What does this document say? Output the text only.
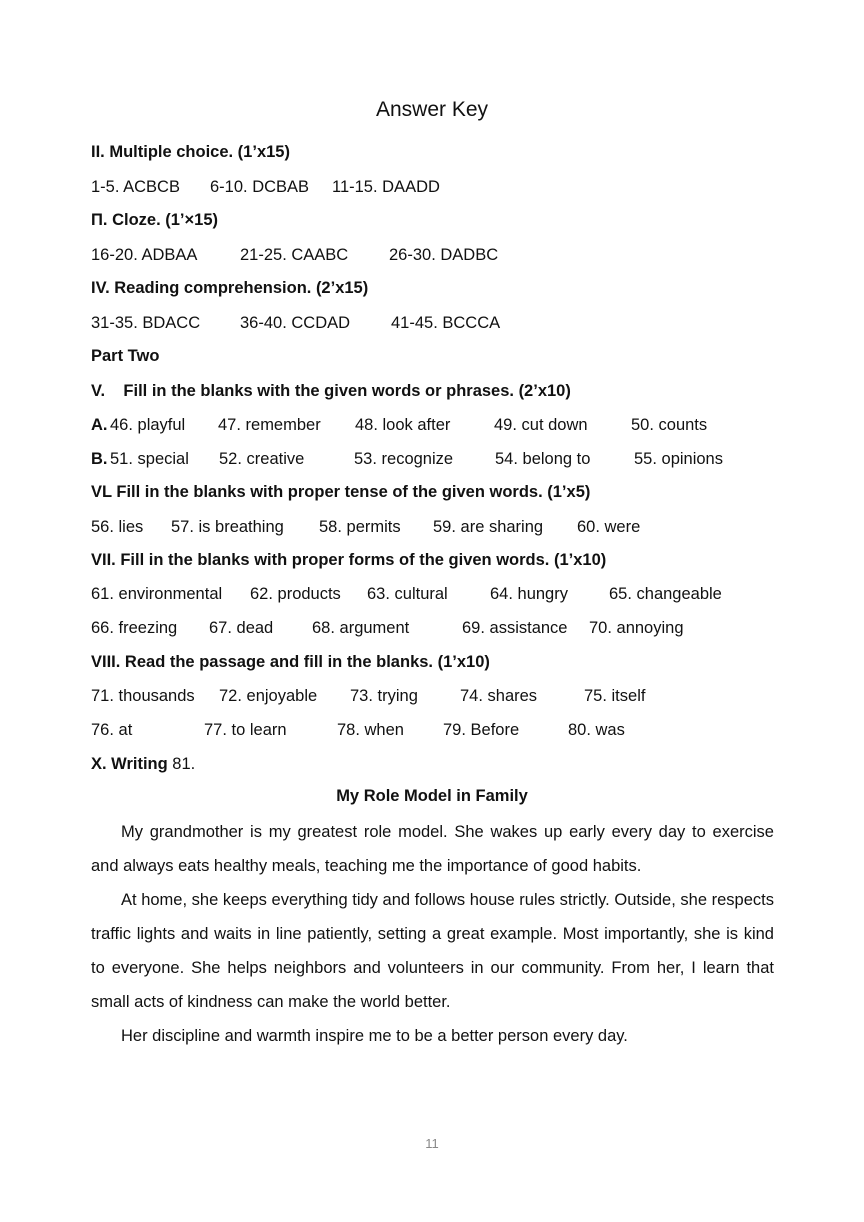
Answer Key
II. Multiple choice. (1’x15)
1-5. ACBCB 6-10. DCBAB 11-15. DAADD
Π. Cloze. (1’×15)
16-20. ADBAA	21-25. CAABC 26-30. DADBC
IV. Reading comprehension. (2’x15)
31-35. BDACC 36-40. CCDAD 41-45. BCCCA
Part Two
V.    Fill in the blanks with the given words or phrases. (2’x10)
A. 46. playful 47. remember 48. look after	49. cut down	50. counts
B. 51. special 52. creative	53. recognize	54. belong to	55. opinions
VL Fill in the blanks with proper tense of the given words. (1’x5)
56. lies 57. is breathing 58. permits 59. are sharing 60. were
VII. Fill in the blanks with proper forms of the given words. (1’x10)
61. environmental 62. products 63. cultural	64. hungry 65. changeable
66. freezing 67. dead 68. argument	69. assistance 70. annoying
VIII. Read the passage and fill in the blanks. (1’x10)
71. thousands 72. enjoyable 73. trying	74. shares	75. itself
76. at	77. to learn	78. when 79. Before	80. was
X. Writing 81.
My Role Model in Family

My grandmother is my greatest role model. She wakes up early every day to exercise and always eats healthy meals, teaching me the importance of good habits.

At home, she keeps everything tidy and follows house rules strictly. Outside, she respects traffic lights and waits in line patiently, setting a great example. Most importantly, she is kind to everyone. She helps neighbors and volunteers in our community. From her, I learn that small acts of kindness can make the world better.

Her discipline and warmth inspire me to be a better person every day.

11
